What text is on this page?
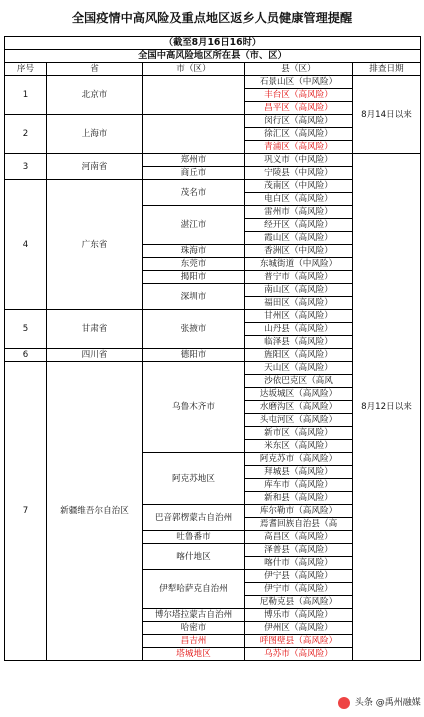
全国疫情中高风险及重点地区返乡人员健康管理提醒
（截至8月16日16时）				
全国中高风险地区所在县（市、区）				
序号	省	市（区）	县（区）	排查日期
1	北京市		石景山区（中风险）	8月14日以来
			丰台区（高风险）	
			昌平区（高风险）	
2	上海市		闵行区（高风险）	
			徐汇区（高风险）	
			青浦区（高风险）	
3	河南省	郑州市	巩义市（中风险）	8月12日以来
		商丘市	宁陵县（中风险）	
4	广东省	茂名市	茂南区（中风险）	
			电白区（高风险）	
		湛江市	雷州市（高风险）	
			经开区（高风险）	
			霞山区（高风险）	
		珠海市	香洲区（中风险）	
		东莞市	东城街道（中风险）	
		揭阳市	普宁市（高风险）	
		深圳市	南山区（高风险）	
			福田区（高风险）	
5	甘肃省	张掖市	甘州区（高风险）	
			山丹县（高风险）	
			临泽县（高风险）	
6	四川省	德阳市	旌阳区（高风险）	
7	新疆维吾尔自治区	乌鲁木齐市	天山区（高风险）	
			沙依巴克区（高风	
			达坂城区（高风险）	
			水磨沟区（高风险）	
			头屯河区（高风险）	
			新市区（高风险）	
			米东区（高风险）	
		阿克苏地区	阿克苏市（高风险）	
			拜城县（高风险）	
			库车市（高风险）	
			新和县（高风险）	
		巴音郭楞蒙古自治州	库尔勒市（高风险）	
			焉耆回族自治县（高	
		吐鲁番市	高昌区（高风险）	
		喀什地区	泽普县（高风险）	
			喀什市（高风险）	
		伊犁哈萨克自治州	伊宁县（高风险）	
			伊宁市（高风险）	
			尼勒克县（高风险）	
		博尔塔拉蒙古自治州	博乐市（高风险）	
		哈密市	伊州区（高风险）	
		昌吉州	呼图壁县（高风险）	
		塔城地区	乌苏市（高风险）	
头条 @禹州融媒
